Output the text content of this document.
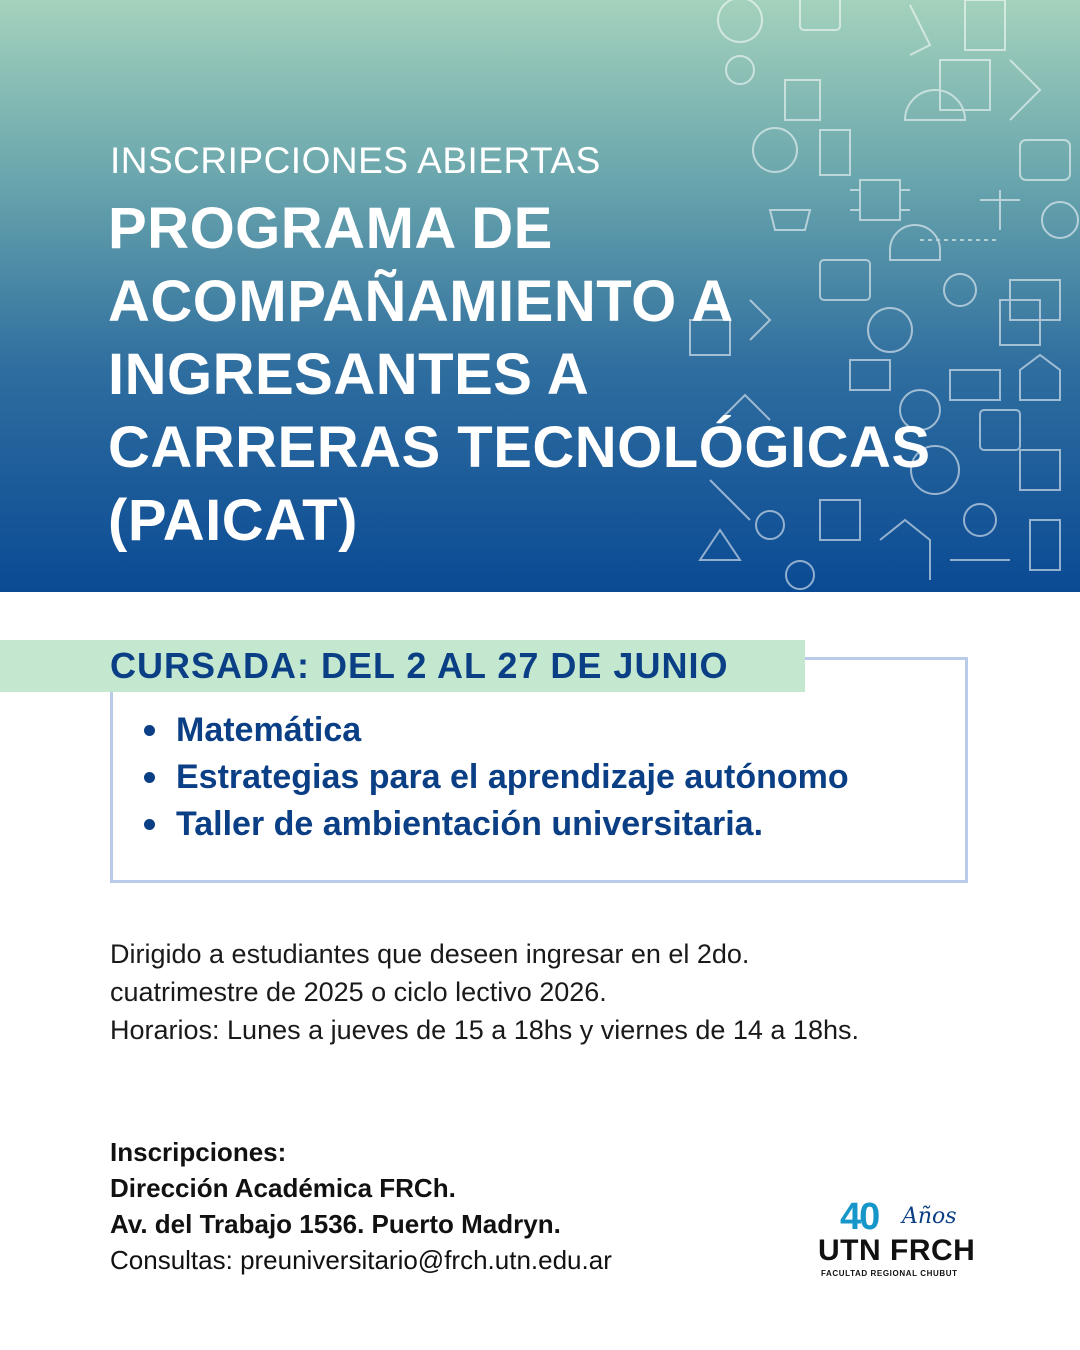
INSCRIPCIONES ABIERTAS
PROGRAMA DE
ACOMPAÑAMIENTO A
INGRESANTES A
CARRERAS TECNOLÓGICAS
(PAICAT)
CURSADA: DEL 2 AL 27 DE JUNIO
Matemática
Estrategias para el aprendizaje autónomo
Taller de ambientación universitaria.
Dirigido a estudiantes que deseen ingresar en el 2do.
cuatrimestre de 2025 o ciclo lectivo 2026.
Horarios: Lunes a jueves de 15 a 18hs y viernes de 14 a 18hs.
Inscripciones:
Dirección Académica FRCh.
Av. del Trabajo 1536. Puerto Madryn.
Consultas: preuniversitario@frch.utn.edu.ar
40 Años
UTN FRCH
FACULTAD REGIONAL CHUBUT
